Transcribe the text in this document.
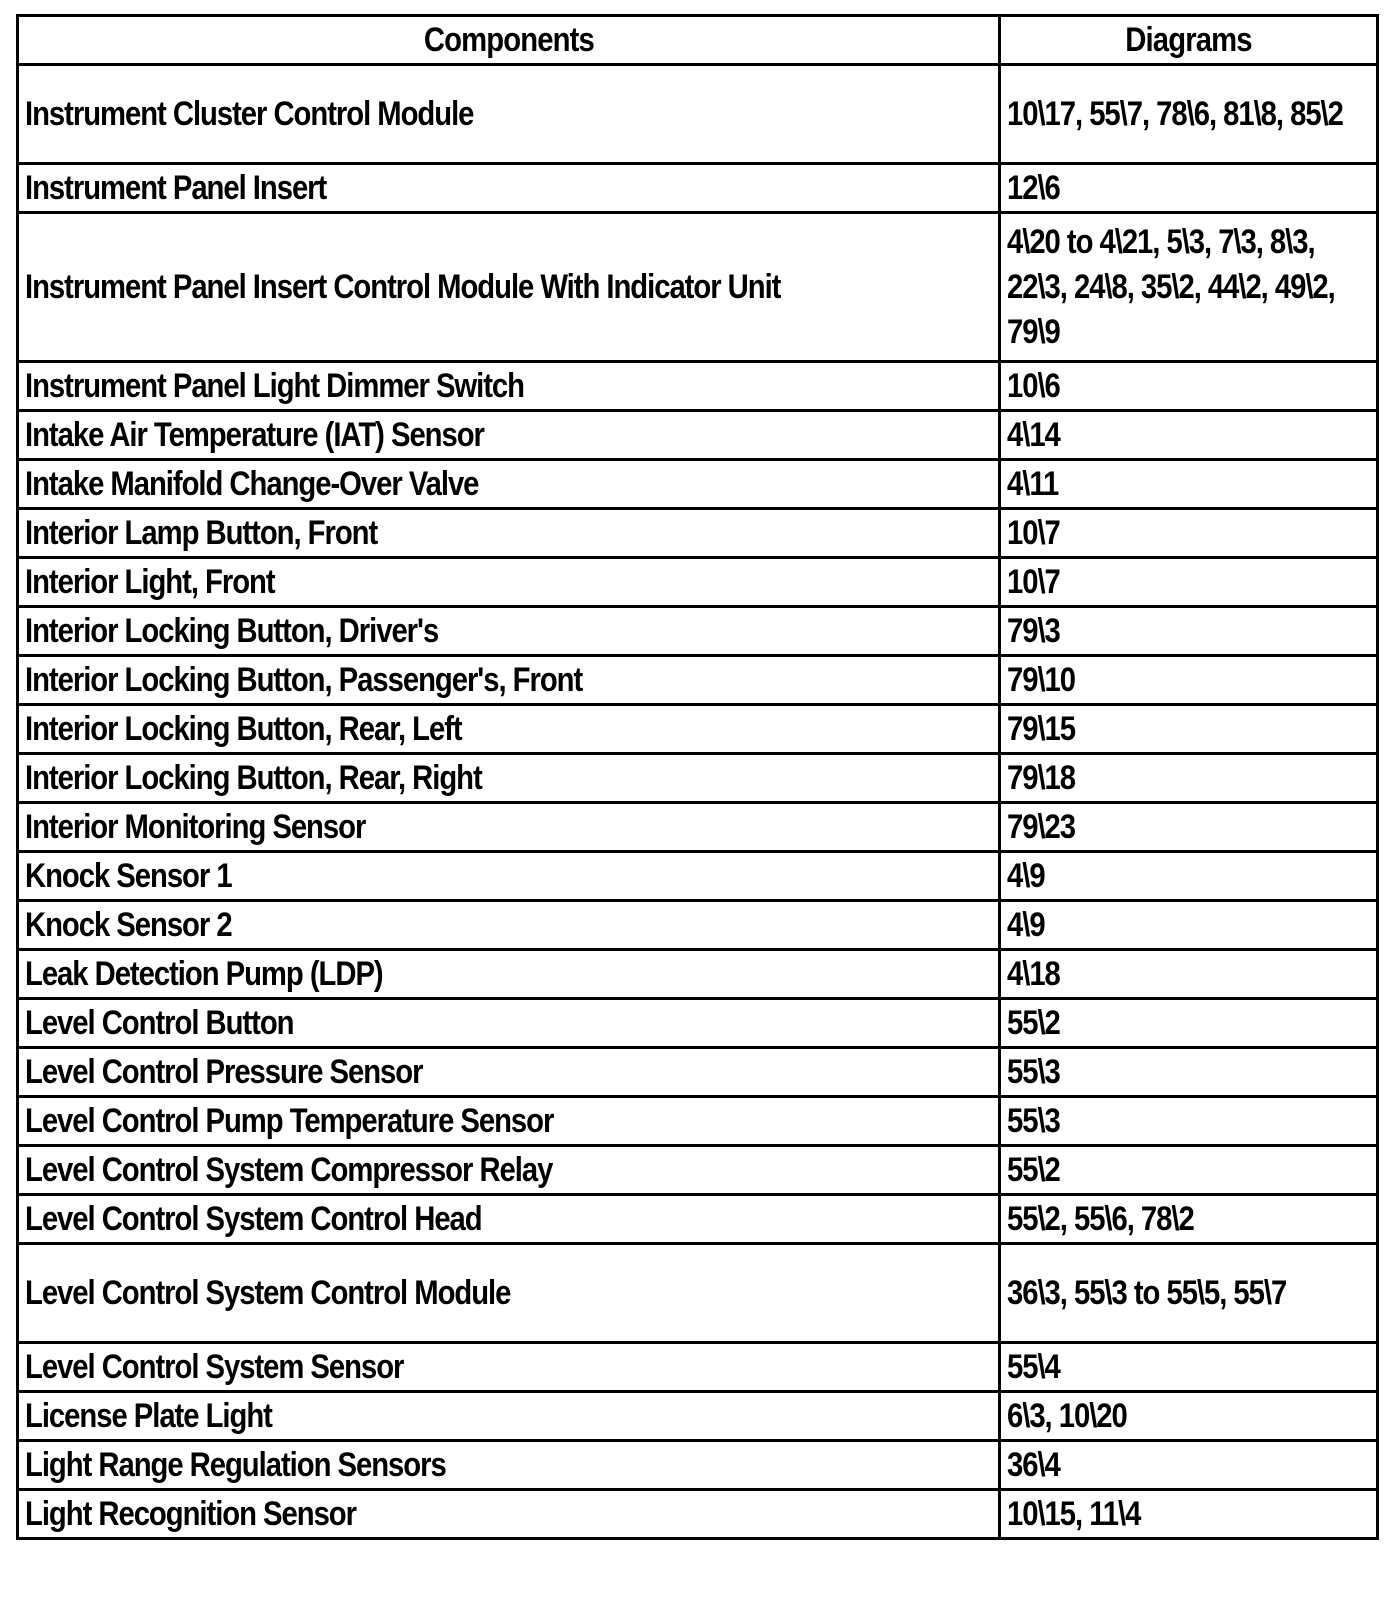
Components	Diagrams
Instrument Cluster Control Module	10\17, 55\7, 78\6, 81\8, 85\2
Instrument Panel Insert	12\6
Instrument Panel Insert Control Module With Indicator Unit	4\20 to 4\21, 5\3, 7\3, 8\3, 22\3, 24\8, 35\2, 44\2, 49\2, 79\9
Instrument Panel Light Dimmer Switch	10\6
Intake Air Temperature (IAT) Sensor	4\14
Intake Manifold Change-Over Valve	4\11
Interior Lamp Button, Front	10\7
Interior Light, Front	10\7
Interior Locking Button, Driver's	79\3
Interior Locking Button, Passenger's, Front	79\10
Interior Locking Button, Rear, Left	79\15
Interior Locking Button, Rear, Right	79\18
Interior Monitoring Sensor	79\23
Knock Sensor 1	4\9
Knock Sensor 2	4\9
Leak Detection Pump (LDP)	4\18
Level Control Button	55\2
Level Control Pressure Sensor	55\3
Level Control Pump Temperature Sensor	55\3
Level Control System Compressor Relay	55\2
Level Control System Control Head	55\2, 55\6, 78\2
Level Control System Control Module	36\3, 55\3 to 55\5, 55\7
Level Control System Sensor	55\4
License Plate Light	6\3, 10\20
Light Range Regulation Sensors	36\4
Light Recognition Sensor	10\15, 11\4
